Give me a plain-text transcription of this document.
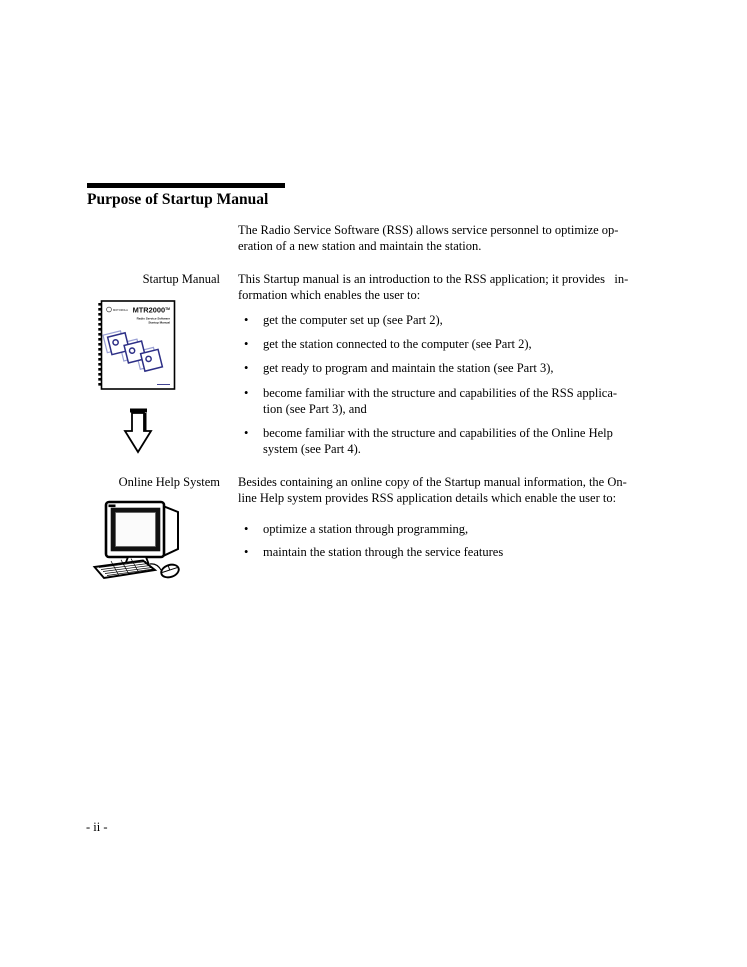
Purpose of Startup Manual
The Radio Service Software (RSS) allows service personnel to optimize op-
eration of a new station and maintain the station.
Startup Manual This Startup manual is an introduction to the RSS application; it provides   in-
formation which enables the user to:
MOTOROLA MTR2000™
Radio Service Software
Startup Manual	•	get the computer set up (see Part 2),
•	get the station connected to the computer (see Part 2),
•	get ready to program and maintain the station (see Part 3),
•	become familiar with the structure and capabilities of the RSS applica-
tion (see Part 3), and
•	become familiar with the structure and capabilities of the Online Help
system (see Part 4).
Online Help System Besides containing an online copy of the Startup manual information, the On-
line Help system provides RSS application details which enable the user to:
•	optimize a station through programming,
•	maintain the station through the service features
- ii -
